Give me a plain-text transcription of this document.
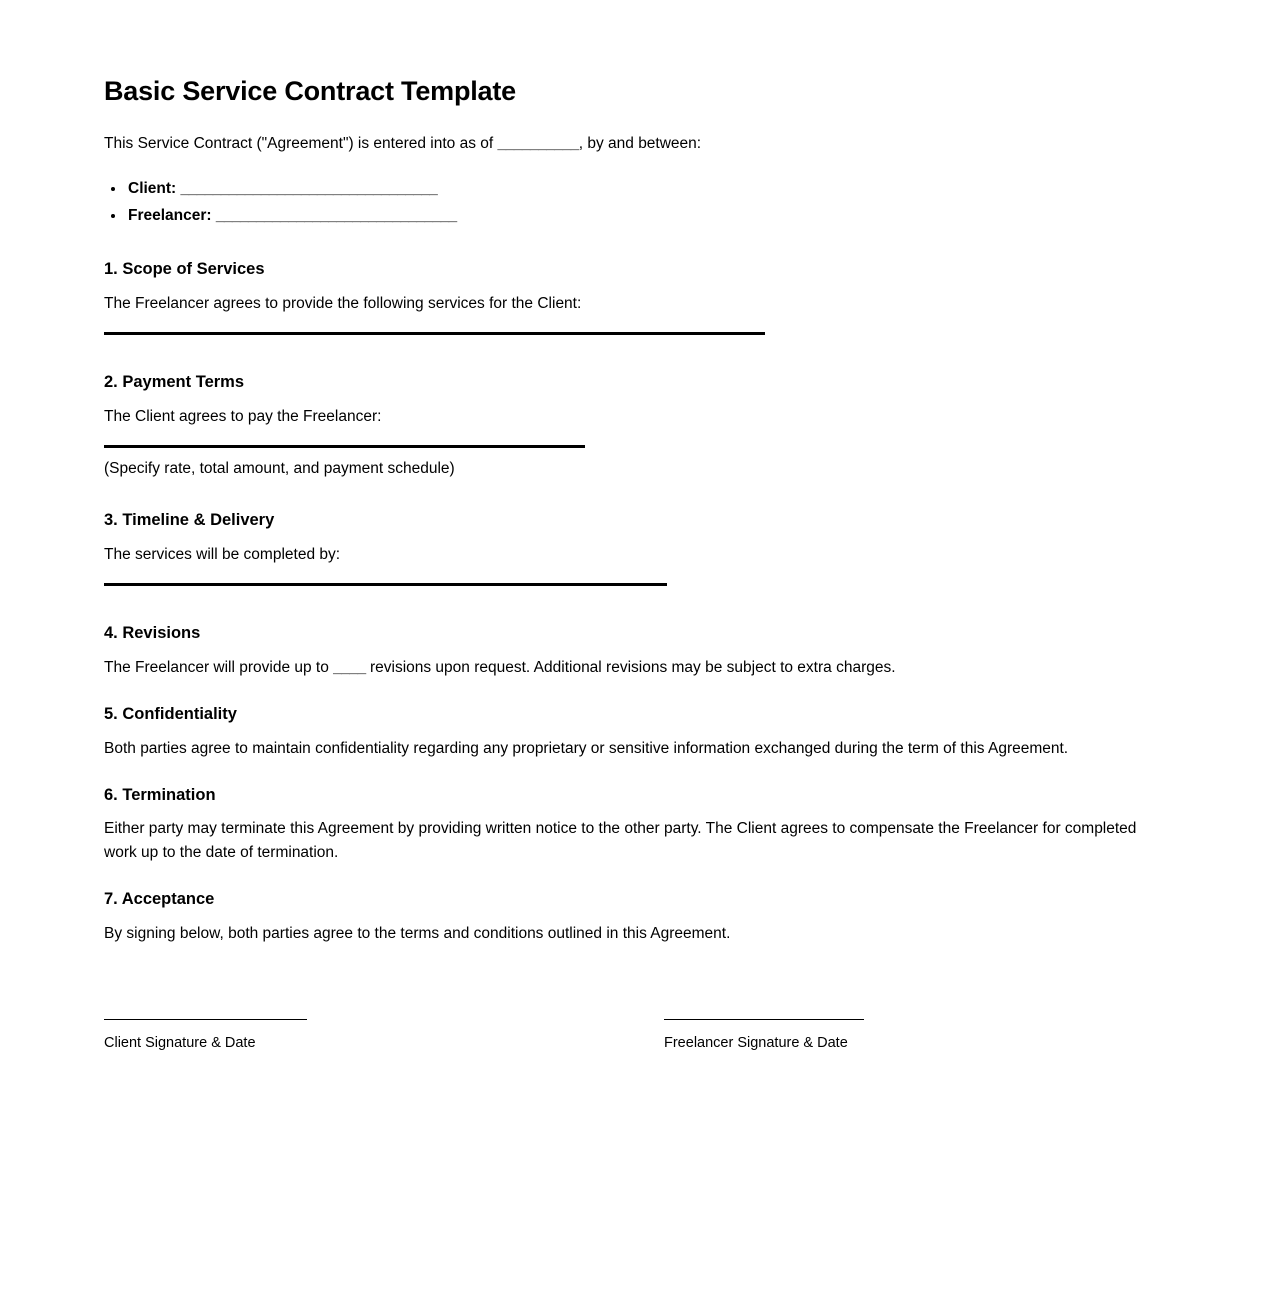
Basic Service Contract Template

This Service Contract ("Agreement") is entered into as of __________, by and between:

• Client: ________________________________
• Freelancer: ______________________________
1. Scope of Services

The Freelancer agrees to provide the following services for the Client:

2. Payment Terms

The Client agrees to pay the Freelancer:

(Specify rate, total amount, and payment schedule)

3. Timeline & Delivery

The services will be completed by:

4. Revisions

The Freelancer will provide up to ____ revisions upon request. Additional revisions may be subject to extra charges.

5. Confidentiality

Both parties agree to maintain confidentiality regarding any proprietary or sensitive information exchanged during the term of this Agreement.

6. Termination

Either party may terminate this Agreement by providing written notice to the other party. The Client agrees to compensate the Freelancer for completed work up to the date of termination.

7. Acceptance

By signing below, both parties agree to the terms and conditions outlined in this Agreement.

Client Signature & Date	Freelancer Signature & Date
